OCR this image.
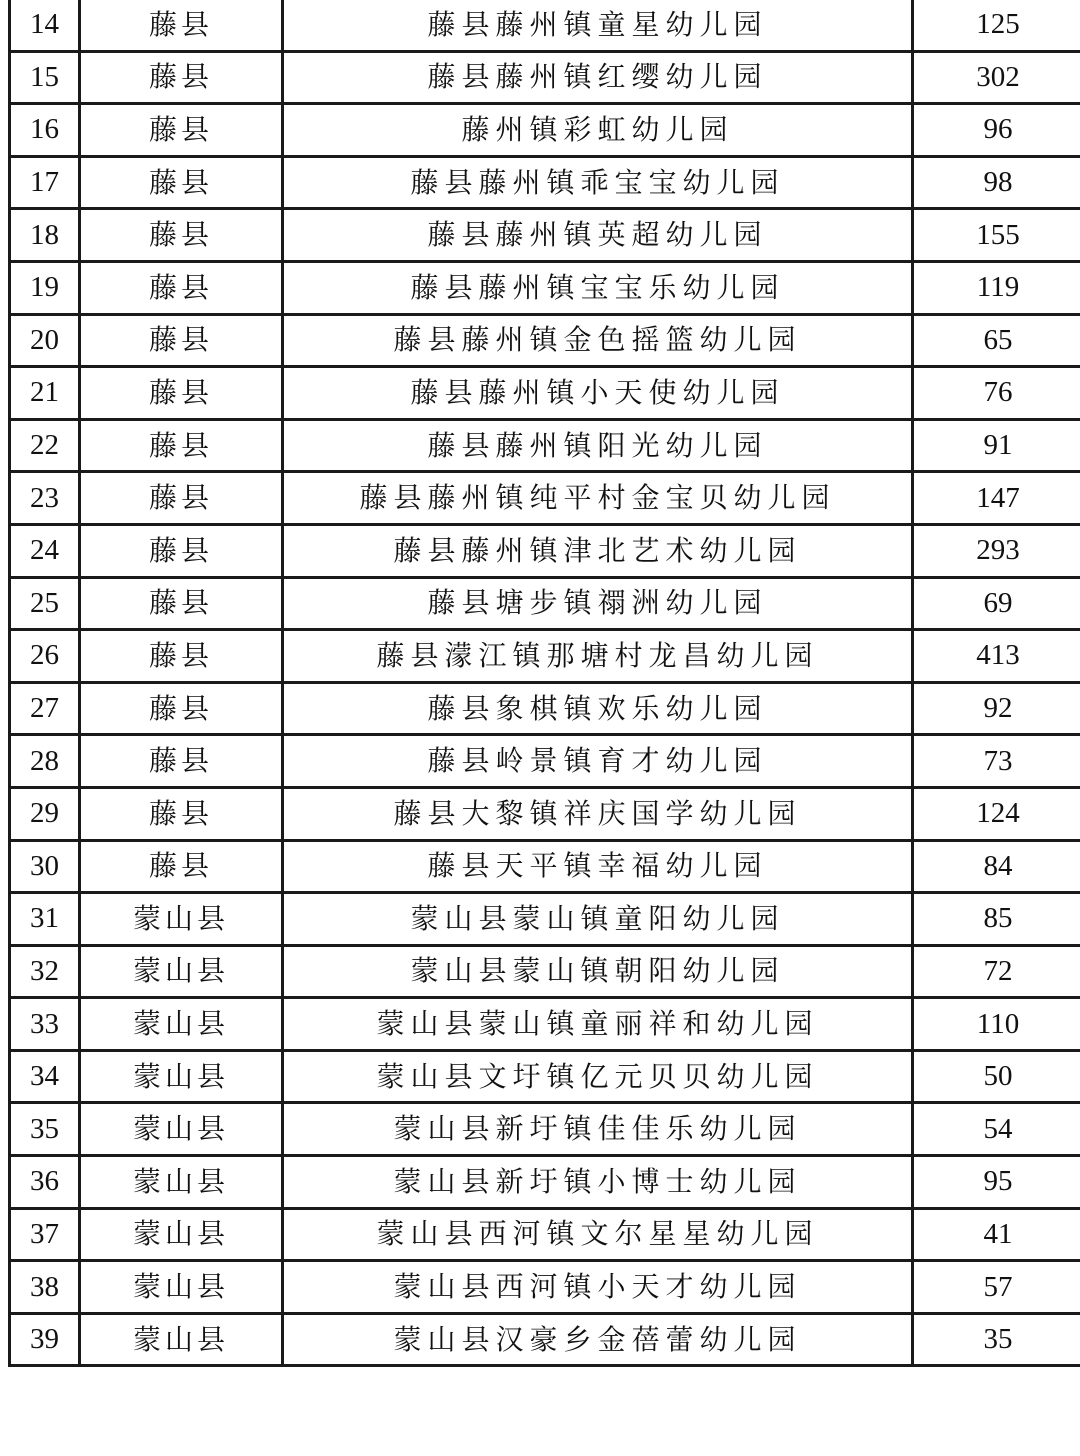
14	藤县	藤县藤州镇童星幼儿园	125
15	藤县	藤县藤州镇红缨幼儿园	302
16	藤县	藤州镇彩虹幼儿园	96
17	藤县	藤县藤州镇乖宝宝幼儿园	98
18	藤县	藤县藤州镇英超幼儿园	155
19	藤县	藤县藤州镇宝宝乐幼儿园	119
20	藤县	藤县藤州镇金色摇篮幼儿园	65
21	藤县	藤县藤州镇小天使幼儿园	76
22	藤县	藤县藤州镇阳光幼儿园	91
23	藤县	藤县藤州镇纯平村金宝贝幼儿园	147
24	藤县	藤县藤州镇津北艺术幼儿园	293
25	藤县	藤县塘步镇禤洲幼儿园	69
26	藤县	藤县濛江镇那塘村龙昌幼儿园	413
27	藤县	藤县象棋镇欢乐幼儿园	92
28	藤县	藤县岭景镇育才幼儿园	73
29	藤县	藤县大黎镇祥庆国学幼儿园	124
30	藤县	藤县天平镇幸福幼儿园	84
31	蒙山县	蒙山县蒙山镇童阳幼儿园	85
32	蒙山县	蒙山县蒙山镇朝阳幼儿园	72
33	蒙山县	蒙山县蒙山镇童丽祥和幼儿园	110
34	蒙山县	蒙山县文圩镇亿元贝贝幼儿园	50
35	蒙山县	蒙山县新圩镇佳佳乐幼儿园	54
36	蒙山县	蒙山县新圩镇小博士幼儿园	95
37	蒙山县	蒙山县西河镇文尔星星幼儿园	41
38	蒙山县	蒙山县西河镇小天才幼儿园	57
39	蒙山县	蒙山县汉豪乡金蓓蕾幼儿园	35
